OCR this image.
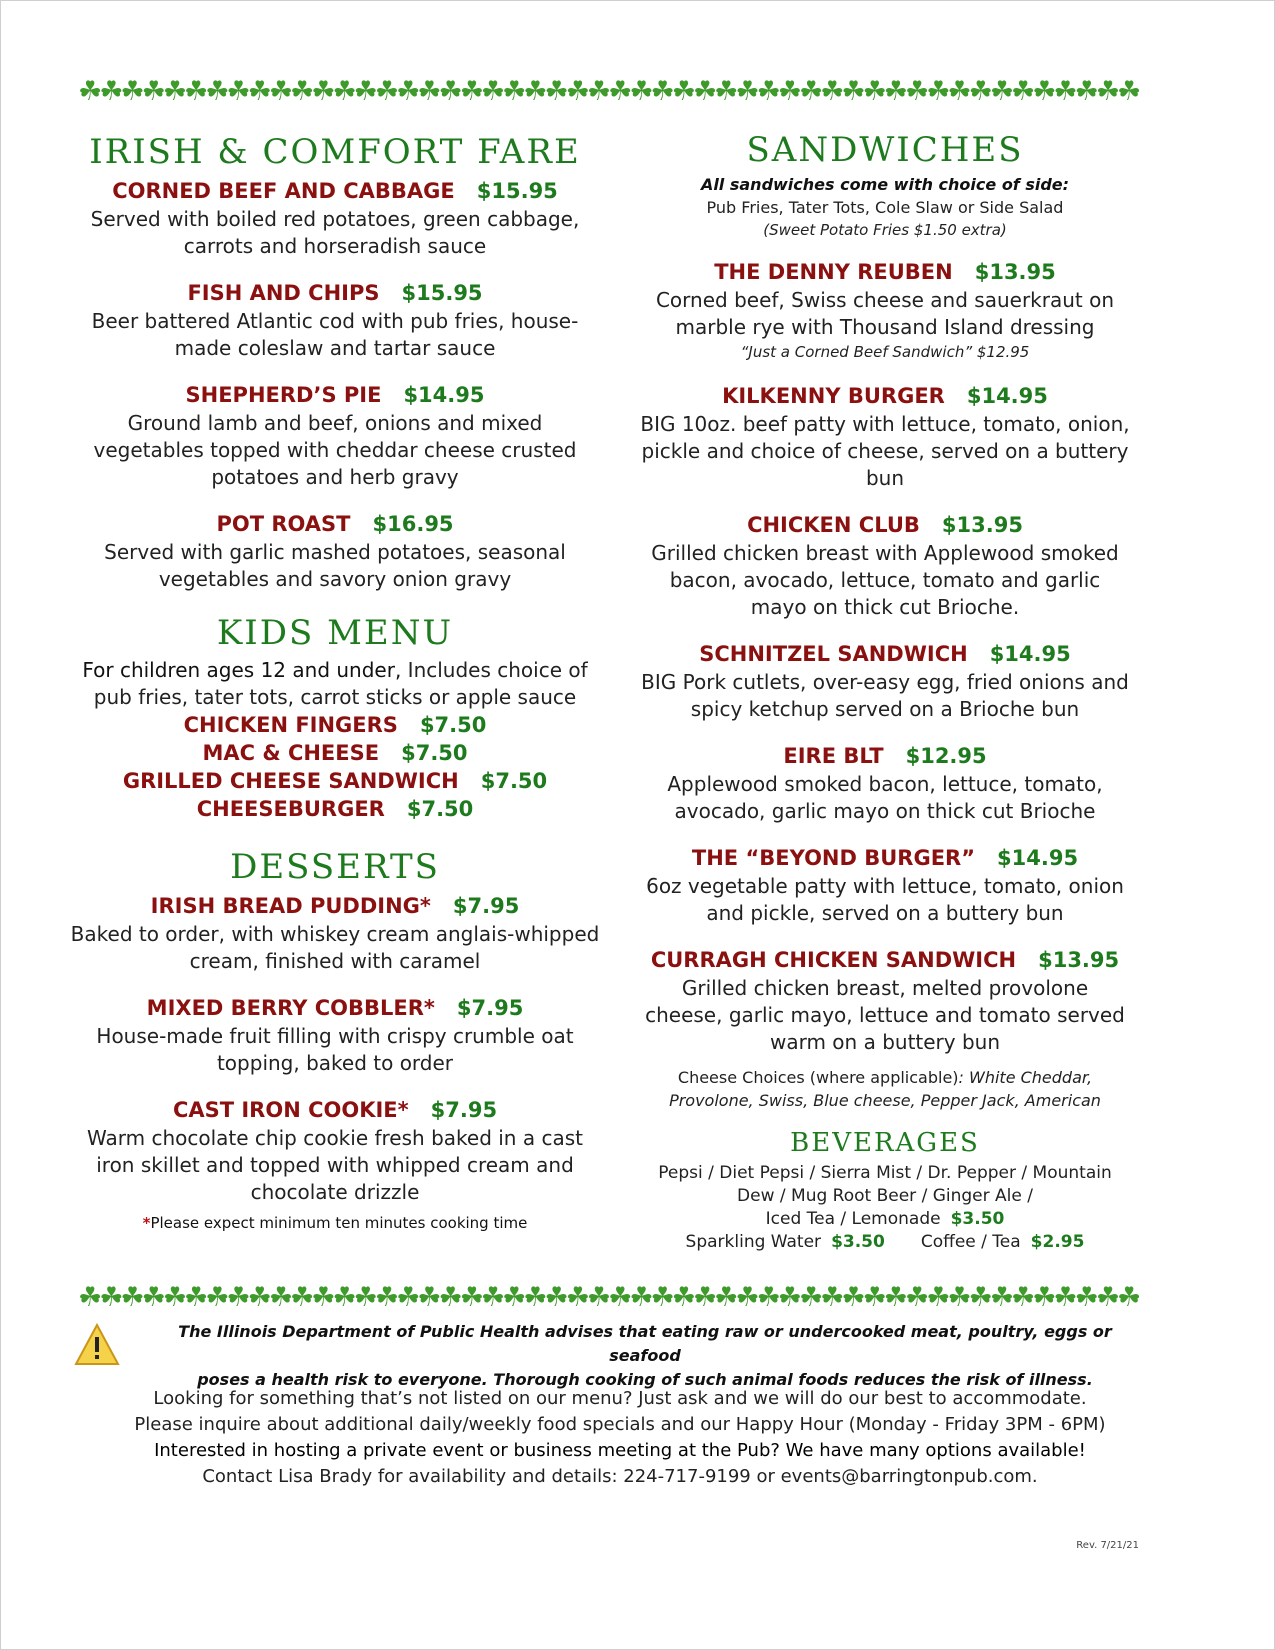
☘☘☘☘☘☘☘☘☘☘☘☘☘☘☘☘☘☘☘☘☘☘☘☘☘☘☘☘☘☘☘☘☘☘☘☘☘☘☘☘☘☘☘☘☘☘☘☘☘☘
IRISH & COMFORT FARE
CORNED BEEF AND CABBAGE $15.95
Served with boiled red potatoes, green cabbage, carrots and horseradish sauce
FISH AND CHIPS $15.95
Beer battered Atlantic cod with pub fries, house-made coleslaw and tartar sauce
SHEPHERD’S PIE $14.95
Ground lamb and beef, onions and mixed vegetables topped with cheddar cheese crusted potatoes and herb gravy
POT ROAST $16.95
Served with garlic mashed potatoes, seasonal vegetables and savory onion gravy
KIDS MENU
For children ages 12 and under, Includes choice of pub fries, tater tots, carrot sticks or apple sauce
CHICKEN FINGERS $7.50
MAC & CHEESE $7.50
GRILLED CHEESE SANDWICH $7.50
CHEESEBURGER $7.50
DESSERTS
IRISH BREAD PUDDING* $7.95
Baked to order, with whiskey cream anglais-whipped cream, finished with caramel
MIXED BERRY COBBLER* $7.95
House-made fruit filling with crispy crumble oat topping, baked to order
CAST IRON COOKIE* $7.95
Warm chocolate chip cookie fresh baked in a cast iron skillet and topped with whipped cream and chocolate drizzle
*Please expect minimum ten minutes cooking time
SANDWICHES
All sandwiches come with choice of side:
Pub Fries, Tater Tots, Cole Slaw or Side Salad
(Sweet Potato Fries $1.50 extra)
THE DENNY REUBEN $13.95
Corned beef, Swiss cheese and sauerkraut on marble rye with Thousand Island dressing
“Just a Corned Beef Sandwich” $12.95
KILKENNY BURGER $14.95
BIG 10oz. beef patty with lettuce, tomato, onion, pickle and choice of cheese, served on a buttery bun
CHICKEN CLUB $13.95
Grilled chicken breast with Applewood smoked bacon, avocado, lettuce, tomato and garlic mayo on thick cut Brioche.
SCHNITZEL SANDWICH $14.95
BIG Pork cutlets, over-easy egg, fried onions and spicy ketchup served on a Brioche bun
EIRE BLT $12.95
Applewood smoked bacon, lettuce, tomato, avocado, garlic mayo on thick cut Brioche
THE “BEYOND BURGER” $14.95
6oz vegetable patty with lettuce, tomato, onion and pickle, served on a buttery bun
CURRAGH CHICKEN SANDWICH $13.95
Grilled chicken breast, melted provolone cheese, garlic mayo, lettuce and tomato served warm on a buttery bun
Cheese Choices (where applicable): White Cheddar, Provolone, Swiss, Blue cheese, Pepper Jack, American
BEVERAGES
Pepsi / Diet Pepsi / Sierra Mist / Dr. Pepper / Mountain
Dew / Mug Root Beer / Ginger Ale /
Iced Tea / Lemonade $3.50
Sparkling Water $3.50 Coffee / Tea $2.95
☘☘☘☘☘☘☘☘☘☘☘☘☘☘☘☘☘☘☘☘☘☘☘☘☘☘☘☘☘☘☘☘☘☘☘☘☘☘☘☘☘☘☘☘☘☘☘☘☘☘
The Illinois Department of Public Health advises that eating raw or undercooked meat, poultry, eggs or seafood
poses a health risk to everyone. Thorough cooking of such animal foods reduces the risk of illness.
Looking for something that’s not listed on our menu? Just ask and we will do our best to accommodate.
Please inquire about additional daily/weekly food specials and our Happy Hour (Monday - Friday 3PM - 6PM)
Interested in hosting a private event or business meeting at the Pub? We have many options available!
Contact Lisa Brady for availability and details: 224-717-9199 or events@barringtonpub.com.
Rev. 7/21/21
